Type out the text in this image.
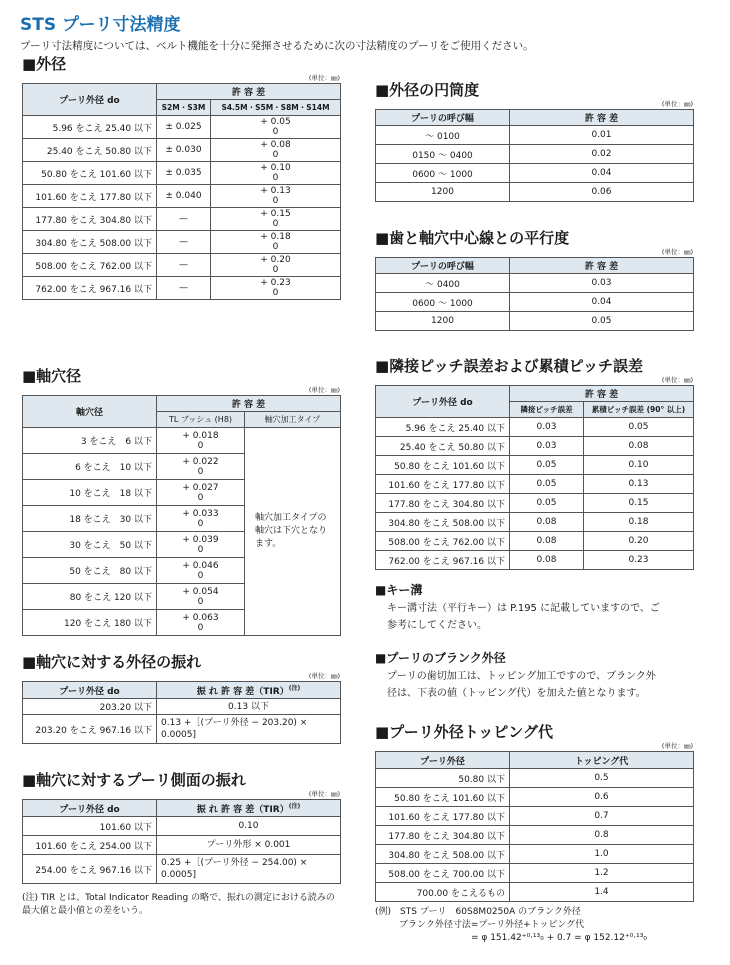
STS プーリ寸法精度
プーリ寸法精度については、ベルト機能を十分に発揮させるために次の寸法精度のプーリをご使用ください。
■外径
(単位：㎜)
プーリ外径 do	許 容 差	
	S2M・S3M	S4.5M・S5M・S8M・S14M
5.96 をこえ 25.40 以下	± 0.025	+ 0.05
0

25.40 をこえ 50.80 以下	± 0.030	+ 0.08
0

50.80 をこえ 101.60 以下	± 0.035	+ 0.10
0

101.60 をこえ 177.80 以下	± 0.040	+ 0.13
0

177.80 をこえ 304.80 以下	—	+ 0.15
0

304.80 をこえ 508.00 以下	—	+ 0.18
0

508.00 をこえ 762.00 以下	—	+ 0.20
0

762.00 をこえ 967.16 以下	—	+ 0.23
0
■軸穴径
(単位：㎜)
軸穴径	許 容 差	
	TL ブッシュ (H8)	軸穴加工タイプ
3 をこえ　6 以下	+ 0.018
0	軸穴加工タイプの軸穴は下穴となります。
6 をこえ　10 以下	+ 0.022
0	

10 をこえ　18 以下	+ 0.027
0	

18 をこえ　30 以下	+ 0.033
0	

30 をこえ　50 以下	+ 0.039
0	

50 をこえ　80 以下	+ 0.046
0	

80 をこえ 120 以下	+ 0.054
0	

120 をこえ 180 以下	+ 0.063
0	
■軸穴に対する外径の振れ
(単位：㎜)
プーリ外径 do	振 れ 許 容 差（TIR）$^{(注)}$
203.20 以下	0.13 以下
203.20 をこえ 967.16 以下	0.13 +［(プーリ外径 − 203.20) × 0.0005]
■軸穴に対するプーリ側面の振れ
(単位：㎜)
プーリ外径 do	振 れ 許 容 差（TIR）$^{(注)}$
101.60 以下	0.10
101.60 をこえ 254.00 以下	プーリ外形 × 0.001
254.00 をこえ 967.16 以下	0.25 +［(プーリ外径 − 254.00) × 0.0005]
(注) TIR とは、Total Indicator Reading の略で、振れの測定における読みの最大値と最小値との差をいう。
■外径の円筒度
(単位：㎜)
プーリの呼び幅	許 容 差
～ 0100	0.01
0150 ～ 0400	0.02
0600 ～ 1000	0.04
1200	0.06
■歯と軸穴中心線との平行度
(単位：㎜)
プーリの呼び幅	許 容 差
～ 0400	0.03
0600 ～ 1000	0.04
1200	0.05
■隣接ピッチ誤差および累積ピッチ誤差
(単位：㎜)
プーリ外径 do	許 容 差	
	隣接ピッチ誤差	累積ピッチ誤差 (90° 以上)
5.96 をこえ 25.40 以下	0.03	0.05
25.40 をこえ 50.80 以下	0.03	0.08
50.80 をこえ 101.60 以下	0.05	0.10
101.60 をこえ 177.80 以下	0.05	0.13
177.80 をこえ 304.80 以下	0.05	0.15
304.80 をこえ 508.00 以下	0.08	0.18
508.00 をこえ 762.00 以下	0.08	0.20
762.00 をこえ 967.16 以下	0.08	0.23
■キー溝
キー溝寸法（平行キー）は P.195 に記載していますので、ご
参考にしてください。
■プーリのブランク外径
プーリの歯切加工は、トッピング加工ですので、ブランク外
径は、下表の値（トッピング代）を加えた値となります。
■プーリ外径トッピング代
(単位：㎜)
プーリ外径	トッピング代
50.80 以下	0.5
50.80 をこえ 101.60 以下	0.6
101.60 をこえ 177.80 以下	0.7
177.80 をこえ 304.80 以下	0.8
304.80 をこえ 508.00 以下	1.0
508.00 をこえ 700.00 以下	1.2
700.00 をこえるもの	1.4
(例)　STS プーリ　60S8M0250A のブランク外径
ブランク外径寸法=プーリ外径+トッピング代
= φ 151.42⁺⁰·¹³₀ + 0.7 = φ 152.12⁺⁰·¹³₀
